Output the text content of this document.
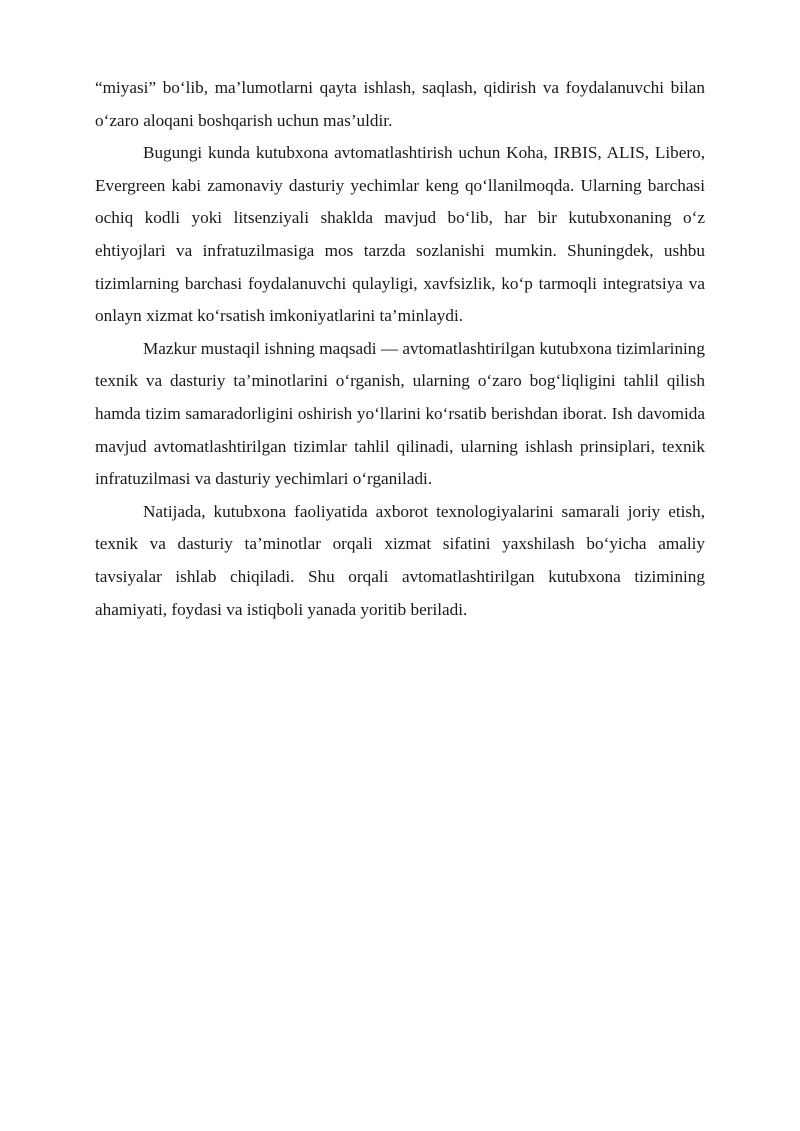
“miyasi” bo‘lib, ma’lumotlarni qayta ishlash, saqlash, qidirish va foydalanuvchi bilan o‘zaro aloqani boshqarish uchun mas’uldir.

Bugungi kunda kutubxona avtomatlashtirish uchun Koha, IRBIS, ALIS, Libero, Evergreen kabi zamonaviy dasturiy yechimlar keng qo‘llanilmoqda. Ularning barchasi ochiq kodli yoki litsenziyali shaklda mavjud bo‘lib, har bir kutubxonaning o‘z ehtiyojlari va infratuzilmasiga mos tarzda sozlanishi mumkin. Shuningdek, ushbu tizimlarning barchasi foydalanuvchi qulayligi, xavfsizlik, ko‘p tarmoqli integratsiya va onlayn xizmat ko‘rsatish imkoniyatlarini ta’minlaydi.

Mazkur mustaqil ishning maqsadi — avtomatlashtirilgan kutubxona tizimlarining texnik va dasturiy ta’minotlarini o‘rganish, ularning o‘zaro bog‘liqligini tahlil qilish hamda tizim samaradorligini oshirish yo‘llarini ko‘rsatib berishdan iborat. Ish davomida mavjud avtomatlashtirilgan tizimlar tahlil qilinadi, ularning ishlash prinsiplari, texnik infratuzilmasi va dasturiy yechimlari o‘rganiladi.

Natijada, kutubxona faoliyatida axborot texnologiyalarini samarali joriy etish, texnik va dasturiy ta’minotlar orqali xizmat sifatini yaxshilash bo‘yicha amaliy tavsiyalar ishlab chiqiladi. Shu orqali avtomatlashtirilgan kutubxona tizimining ahamiyati, foydasi va istiqboli yanada yoritib beriladi.
